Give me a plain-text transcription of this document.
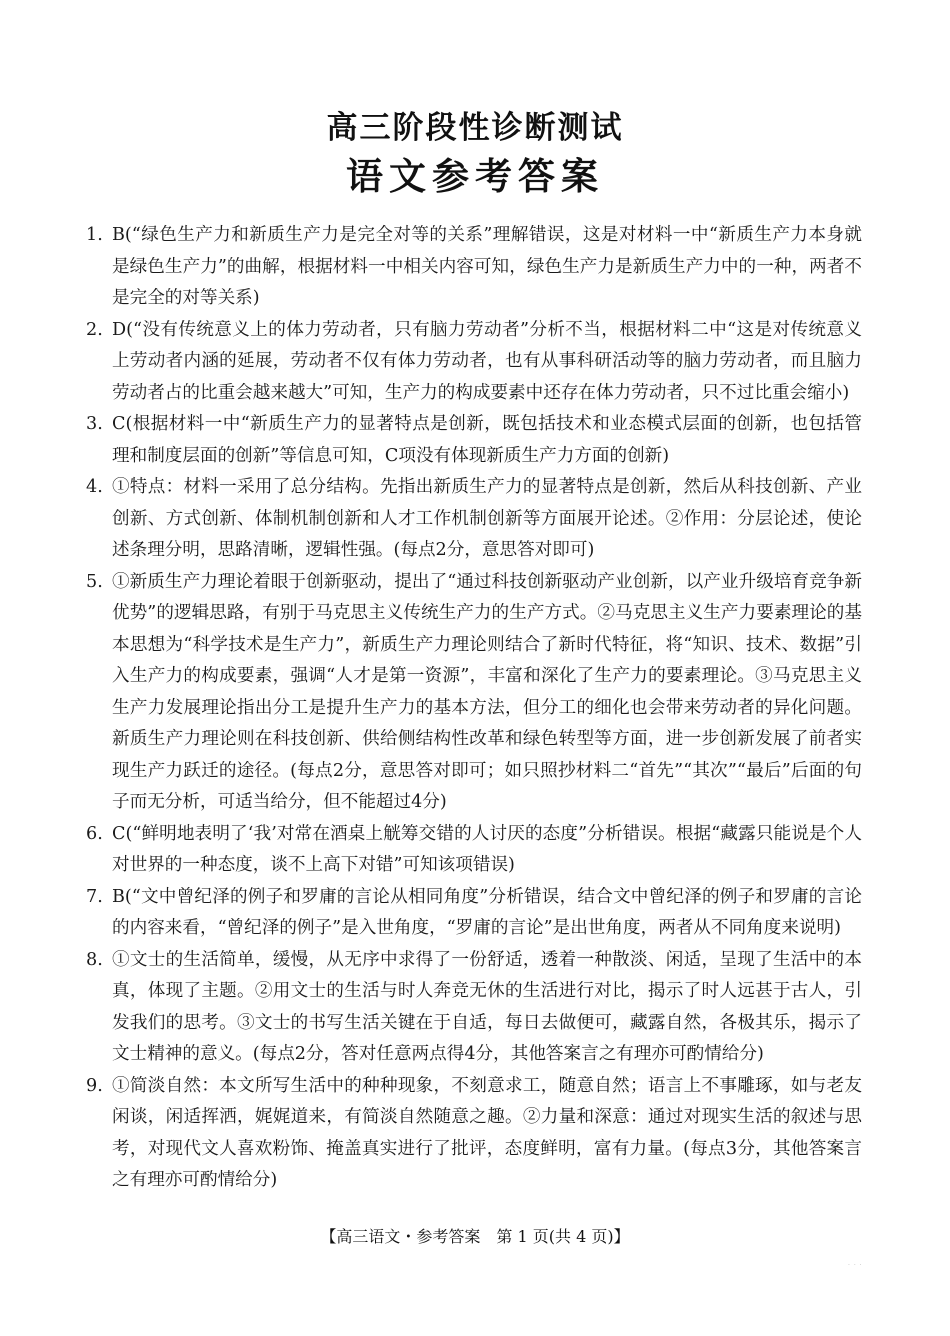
高三阶段性诊断测试
语文参考答案
1. B(“绿色生产力和新质生产力是完全对等的关系”理解错误，这是对材料一中“新质生产力本身就是绿色生产力”的曲解，根据材料一中相关内容可知，绿色生产力是新质生产力中的一种，两者不是完全的对等关系)
2. D(“没有传统意义上的体力劳动者，只有脑力劳动者”分析不当，根据材料二中“这是对传统意义上劳动者内涵的延展，劳动者不仅有体力劳动者，也有从事科研活动等的脑力劳动者，而且脑力劳动者占的比重会越来越大”可知，生产力的构成要素中还存在体力劳动者，只不过比重会缩小)
3. C(根据材料一中“新质生产力的显著特点是创新，既包括技术和业态模式层面的创新，也包括管理和制度层面的创新”等信息可知，C项没有体现新质生产力方面的创新)
4. ①特点：材料一采用了总分结构。先指出新质生产力的显著特点是创新，然后从科技创新、产业创新、方式创新、体制机制创新和人才工作机制创新等方面展开论述。②作用：分层论述，使论述条理分明，思路清晰，逻辑性强。(每点2分，意思答对即可)
5. ①新质生产力理论着眼于创新驱动，提出了“通过科技创新驱动产业创新，以产业升级培育竞争新优势”的逻辑思路，有别于马克思主义传统生产力的生产方式。②马克思主义生产力要素理论的基本思想为“科学技术是生产力”，新质生产力理论则结合了新时代特征，将“知识、技术、数据”引入生产力的构成要素，强调“人才是第一资源”，丰富和深化了生产力的要素理论。③马克思主义生产力发展理论指出分工是提升生产力的基本方法，但分工的细化也会带来劳动者的异化问题。新质生产力理论则在科技创新、供给侧结构性改革和绿色转型等方面，进一步创新发展了前者实现生产力跃迁的途径。(每点2分，意思答对即可；如只照抄材料二“首先”“其次”“最后”后面的句子而无分析，可适当给分，但不能超过4分)
6. C(“鲜明地表明了‘我’对常在酒桌上觥筹交错的人讨厌的态度”分析错误。根据“藏露只能说是个人对世界的一种态度，谈不上高下对错”可知该项错误)
7. B(“文中曾纪泽的例子和罗庸的言论从相同角度”分析错误，结合文中曾纪泽的例子和罗庸的言论的内容来看，“曾纪泽的例子”是入世角度，“罗庸的言论”是出世角度，两者从不同角度来说明)
8. ①文士的生活简单，缓慢，从无序中求得了一份舒适，透着一种散淡、闲适，呈现了生活中的本真，体现了主题。②用文士的生活与时人奔竞无休的生活进行对比，揭示了时人远甚于古人，引发我们的思考。③文士的书写生活关键在于自适，每日去做便可，藏露自然，各极其乐，揭示了文士精神的意义。(每点2分，答对任意两点得4分，其他答案言之有理亦可酌情给分)
9. ①简淡自然：本文所写生活中的种种现象，不刻意求工，随意自然；语言上不事雕琢，如与老友闲谈，闲适挥洒，娓娓道来，有简淡自然随意之趣。②力量和深意：通过对现实生活的叙述与思考，对现代文人喜欢粉饰、掩盖真实进行了批评，态度鲜明，富有力量。(每点3分，其他答案言之有理亦可酌情给分)
【高三语文・参考答案　第 1 页(共 4 页)】
· · ·
